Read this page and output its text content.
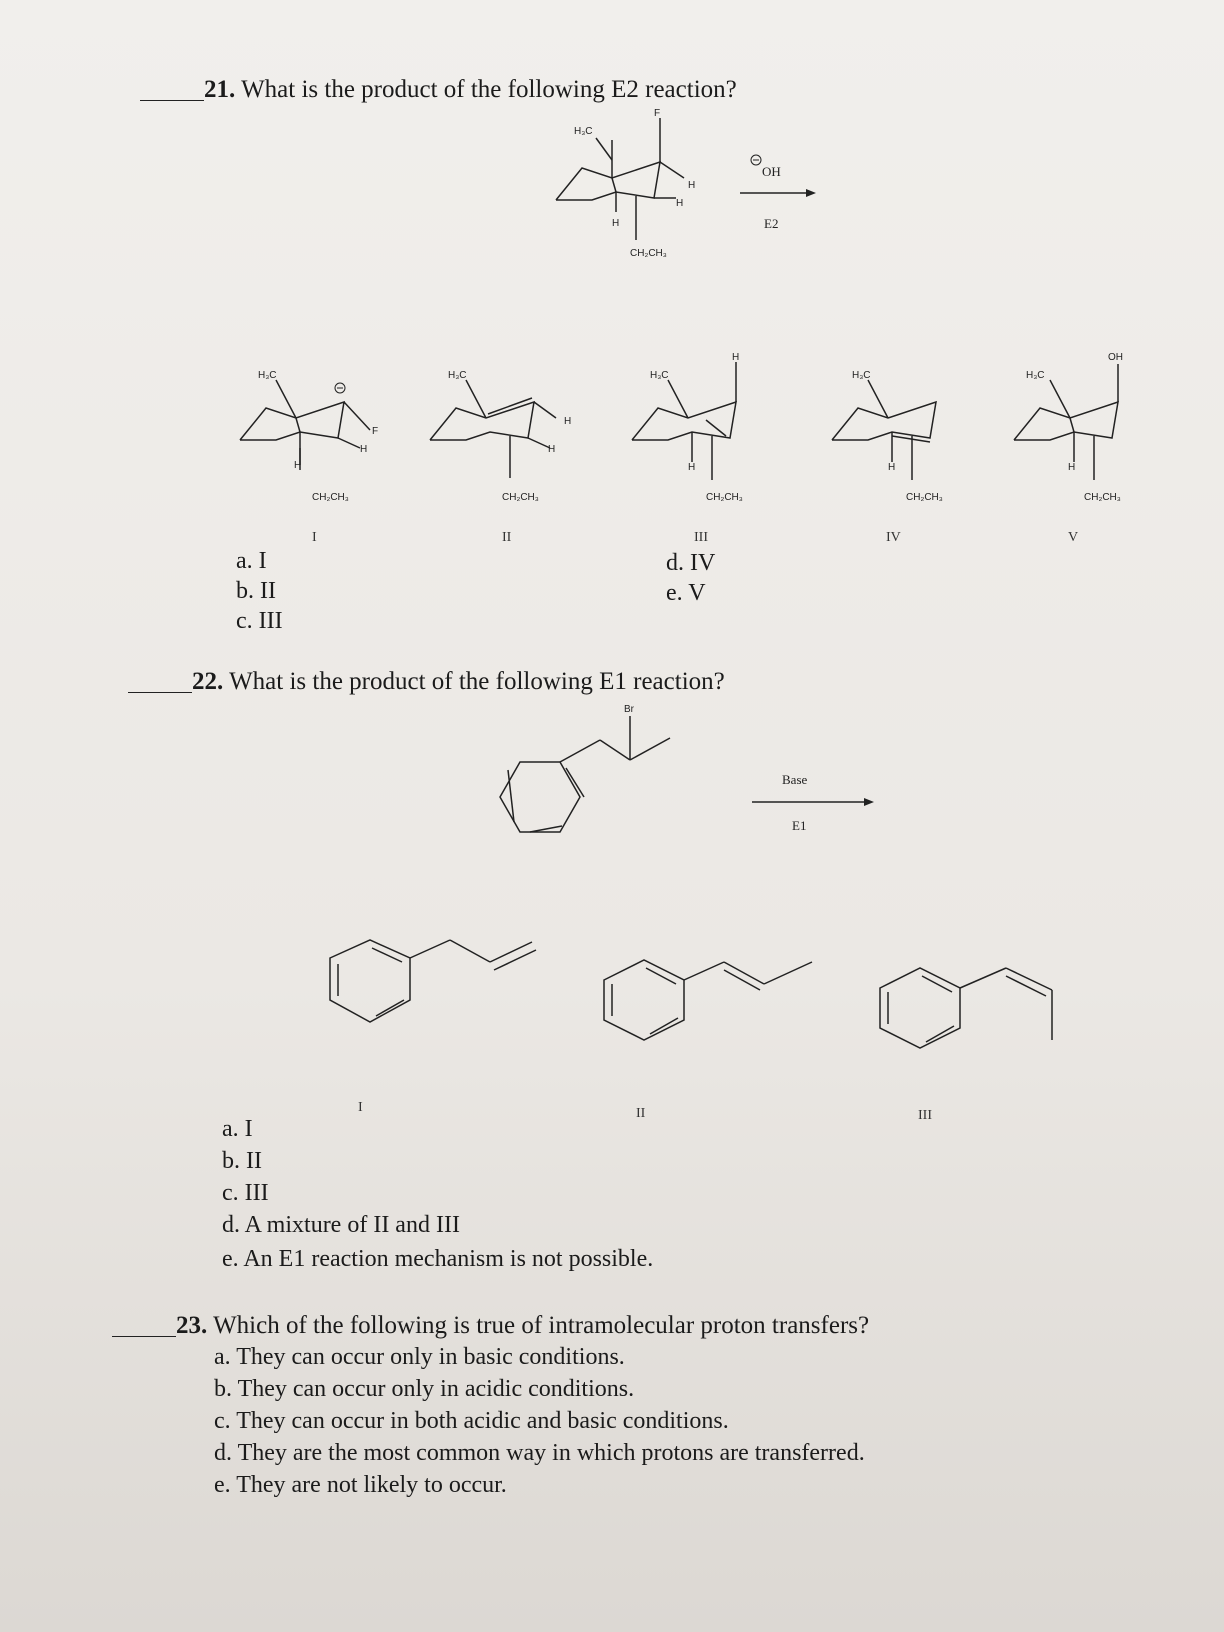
21. What is the product of the following E2 reaction?
F
H₃C
H
H
H
CH₂CH₃
OH
E2
H₃C
H
H
F
CH₂CH₃
H₃C
H
H
CH₂CH₃
H₃C
H
H
CH₂CH₃
H₃C
H
CH₂CH₃
H₃C
OH
H
CH₂CH₃
Br
Base
E1
I	II	III	IV	V
a. I
b. II
c. III
d. IV
e. V
22. What is the product of the following E1 reaction?
I	II	III
a. I
b. II
c. III
d. A mixture of II and III
e. An E1 reaction mechanism is not possible.
23. Which of the following is true of intramolecular proton transfers?
a. They can occur only in basic conditions.
b. They can occur only in acidic conditions.
c. They can occur in both acidic and basic conditions.
d. They are the most common way in which protons are transferred.
e. They are not likely to occur.
